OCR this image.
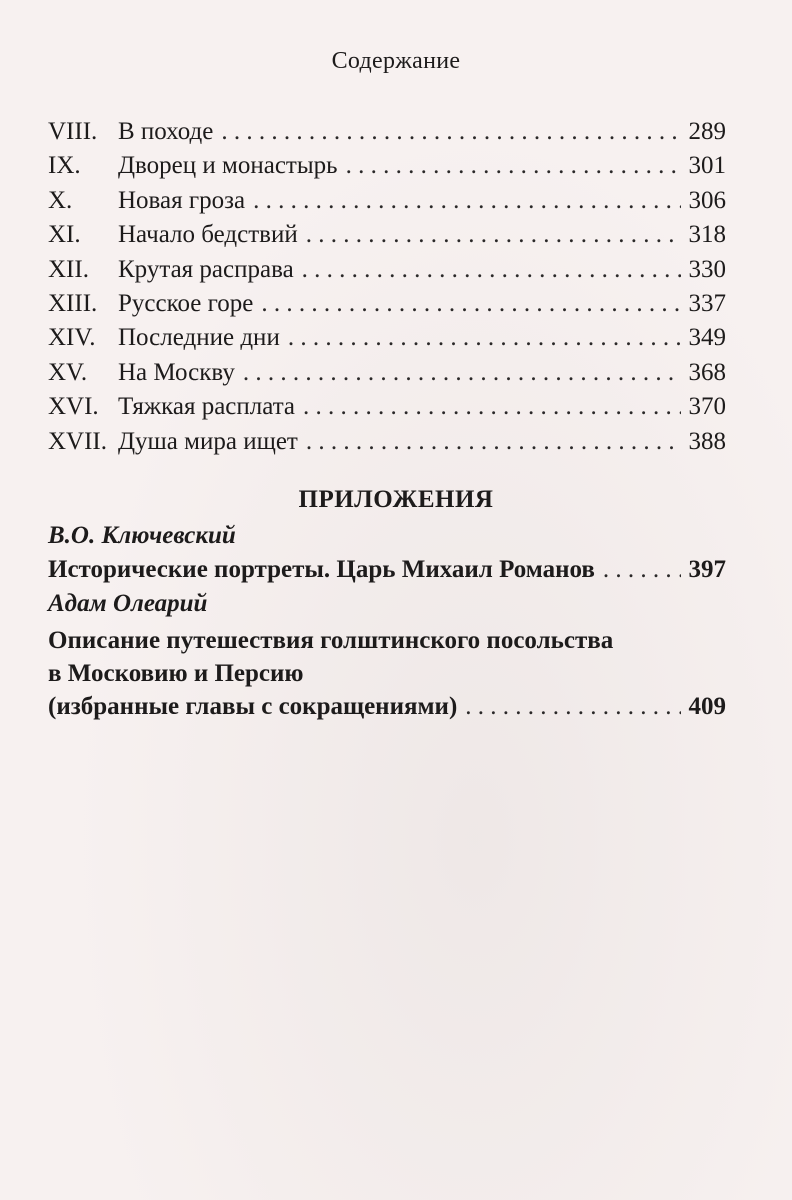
Содержание
VIII. В походе . . .	289
IX.	Дворец и монастырь . . .	301
X.	Новая гроза . . .	306
XI.	Начало бедствий . . .	318
XII.	Крутая расправа . . .	330
XIII. Русское горе . . .	337
XIV. Последние дни . . .	349
XV.	На Москву . . .	368
XVI. Тяжкая расплата . . .	370
XVII. Душа мира ищет . . .	388
ПРИЛОЖЕНИЯ
В.О. Ключевский
Исторические портреты. Царь Михаил Романов . . .	397
Адам Олеарий
Описание путешествия голштинского посольства
в Московию и Персию
(избранные главы с сокращениями) . . .	409
